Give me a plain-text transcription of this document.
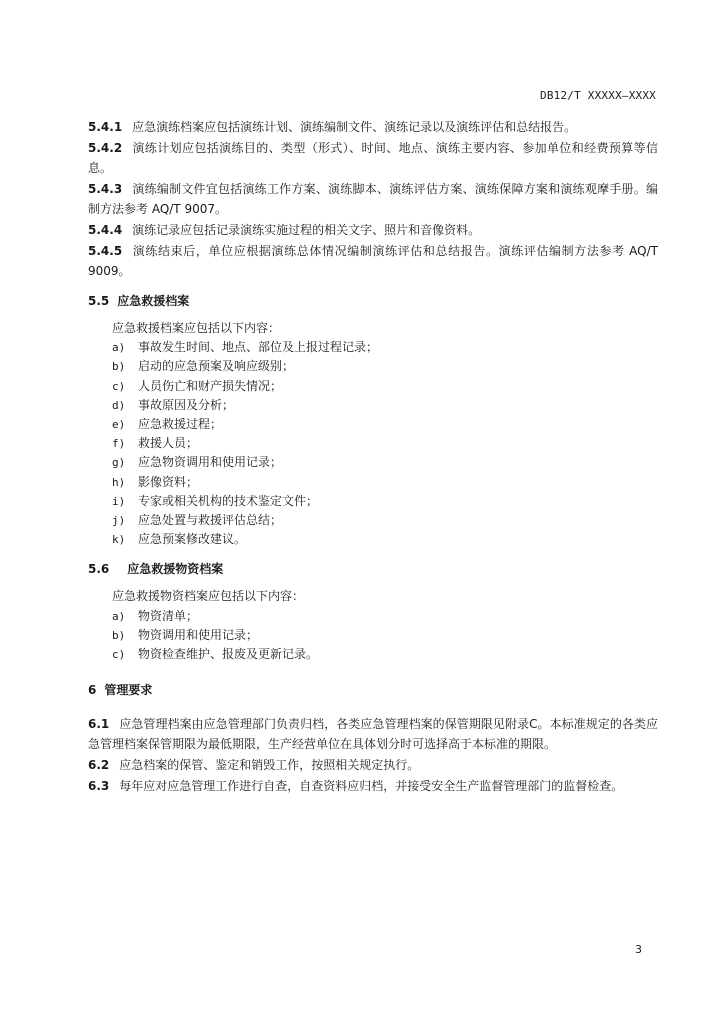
DB12/T XXXXX—XXXX

5.4.1 应急演练档案应包括演练计划、演练编制文件、演练记录以及演练评估和总结报告。

5.4.2 演练计划应包括演练目的、类型（形式）、时间、地点、演练主要内容、参加单位和经费预算等信息。

5.4.3 演练编制文件宜包括演练工作方案、演练脚本、演练评估方案、演练保障方案和演练观摩手册。编制方法参考 AQ/T 9007。

5.4.4 演练记录应包括记录演练实施过程的相关文字、照片和音像资料。

5.4.5 演练结束后，单位应根据演练总体情况编制演练评估和总结报告。演练评估编制方法参考 AQ/T 9009。

5.5 应急救援档案

应急救援档案应包括以下内容：

a)	事故发生时间、地点、部位及上报过程记录；
b)	启动的应急预案及响应级别；
c)	人员伤亡和财产损失情况；
d)	事故原因及分析；
e)	应急救援过程；
f)	救援人员；
g)	应急物资调用和使用记录；
h)	影像资料；
i)	专家或相关机构的技术鉴定文件；
j)	应急处置与救援评估总结；
k)	应急预案修改建议。
5.6 应急救援物资档案

应急救援物资档案应包括以下内容：

a)	物资清单；
b)	物资调用和使用记录；
c)	物资检查维护、报废及更新记录。
6 管理要求

6.1 应急管理档案由应急管理部门负责归档，各类应急管理档案的保管期限见附录C。本标准规定的各类应急管理档案保管期限为最低期限，生产经营单位在具体划分时可选择高于本标准的期限。

6.2 应急档案的保管、鉴定和销毁工作，按照相关规定执行。

6.3 每年应对应急管理工作进行自查，自查资料应归档，并接受安全生产监督管理部门的监督检查。

3
